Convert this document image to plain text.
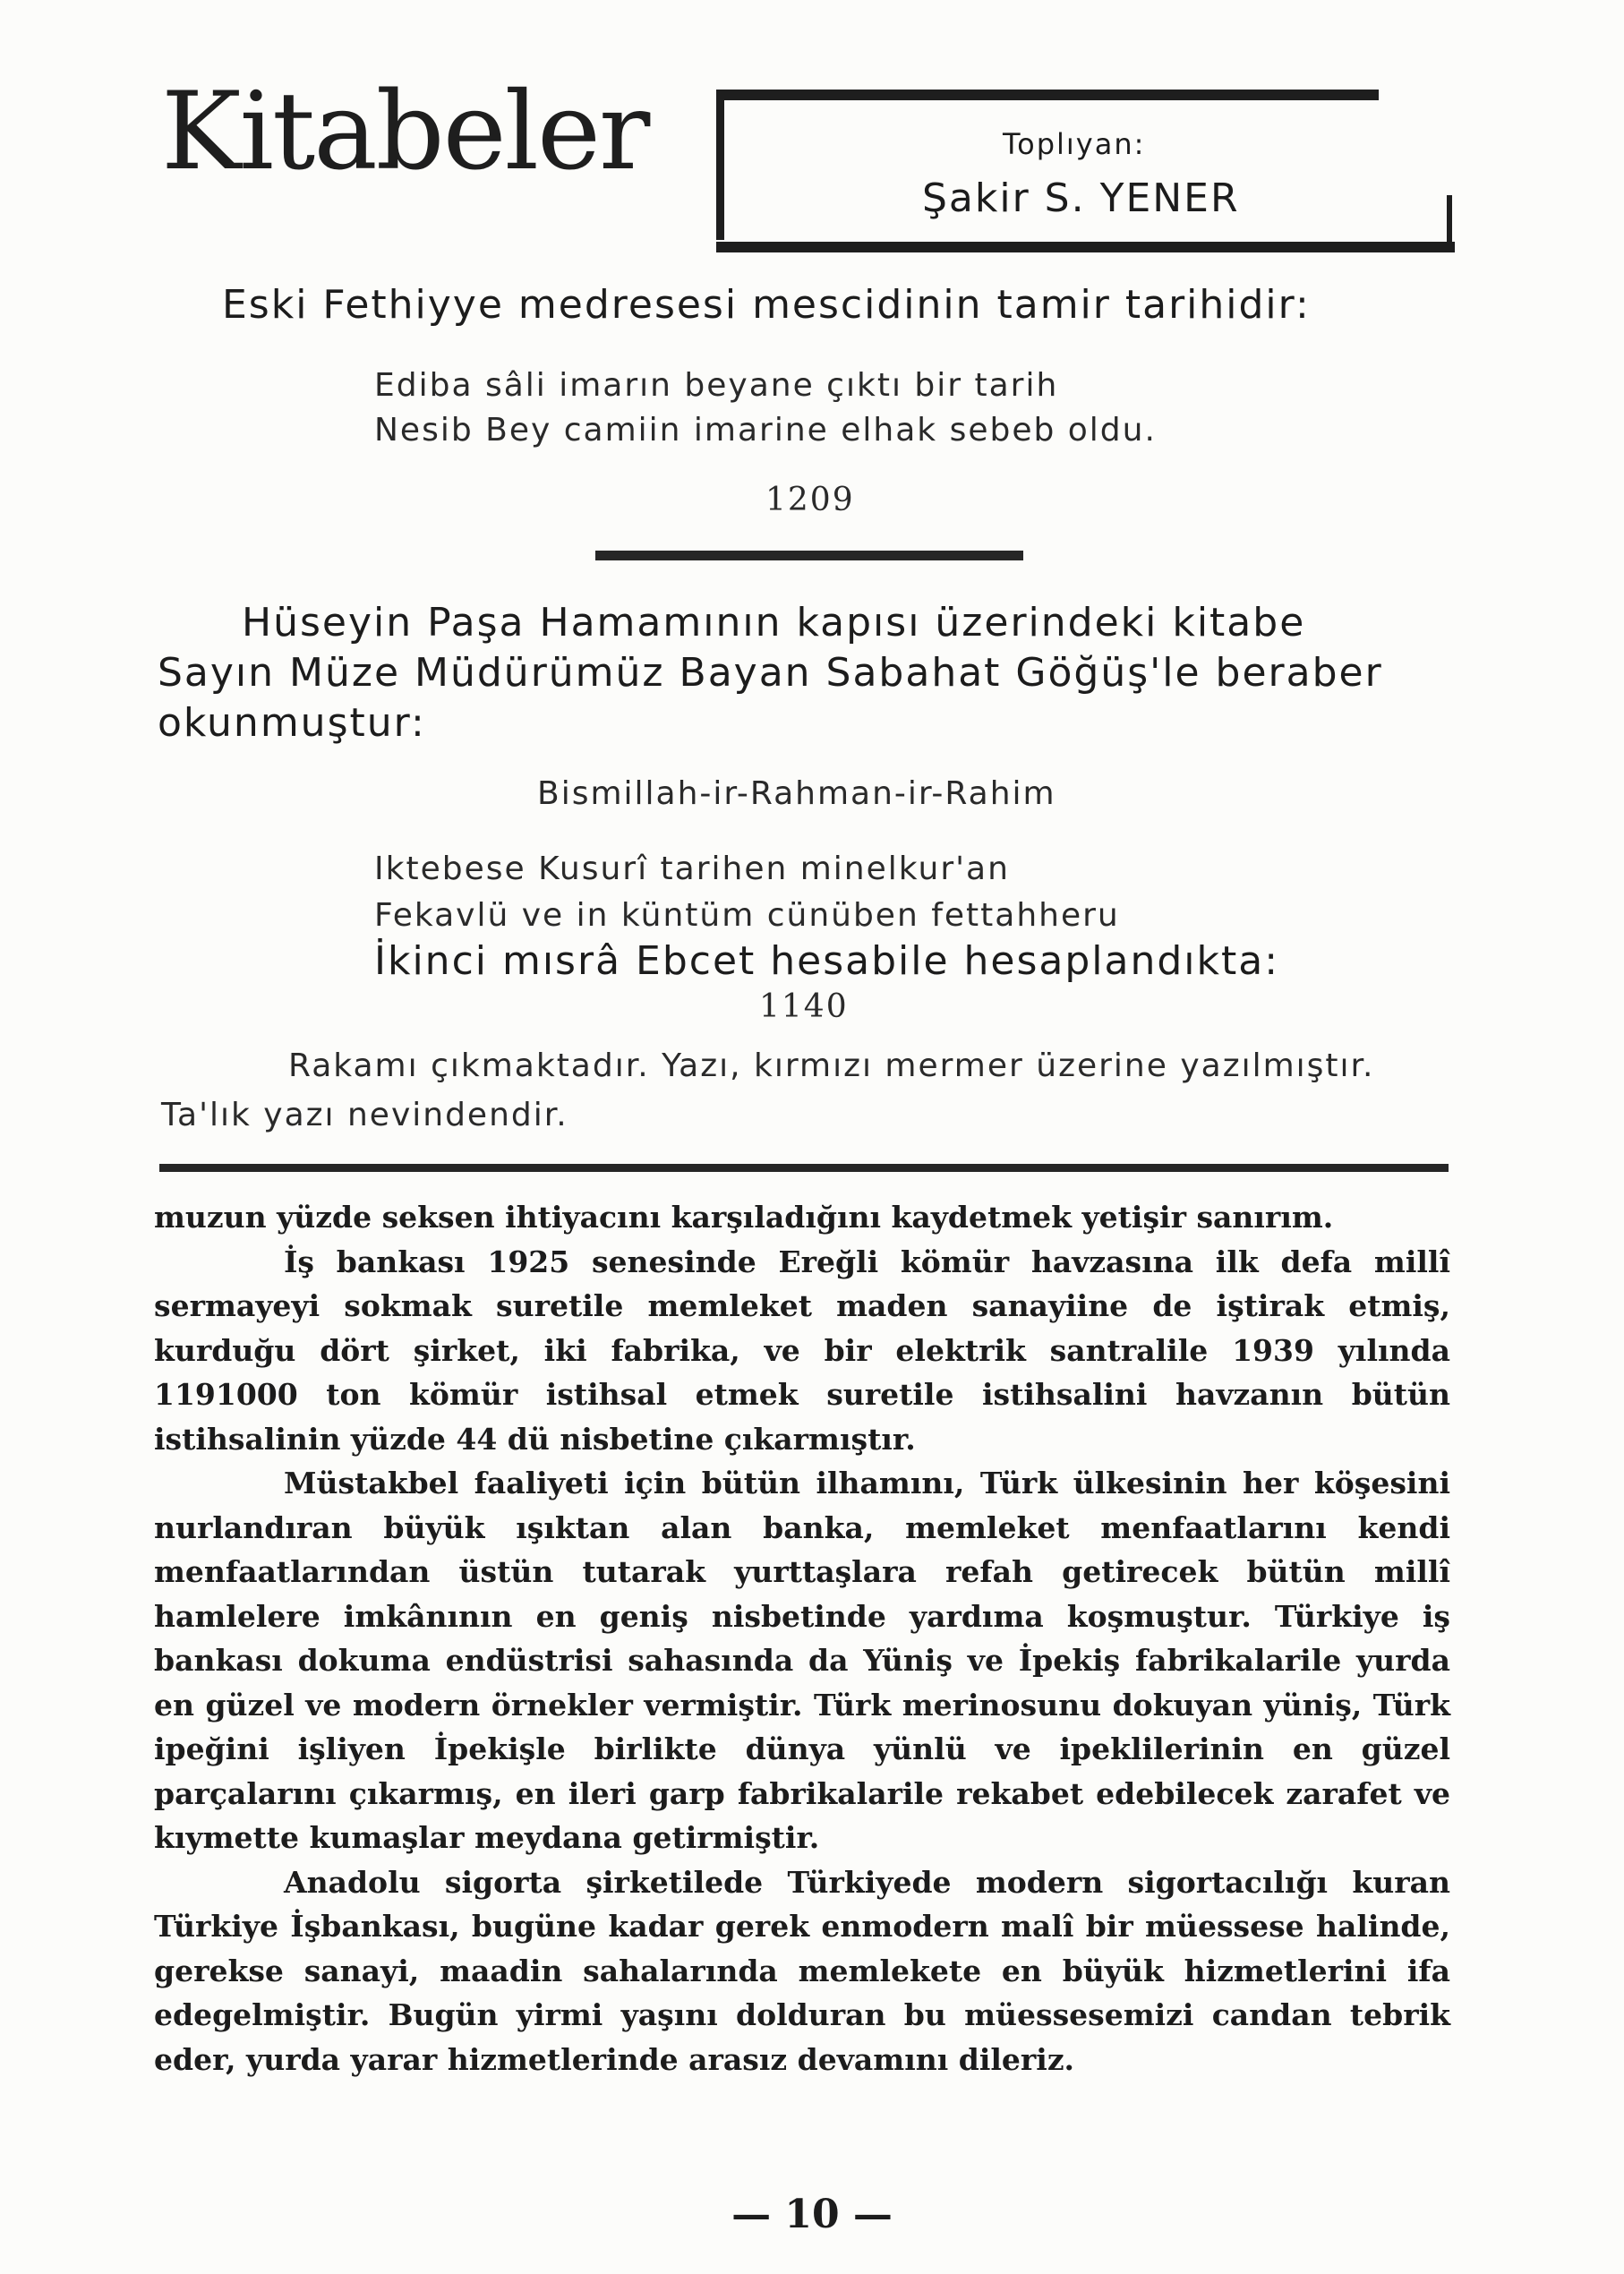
Kitabeler	Toplıyan:
Şakir S. YENER
Eski Fethiyye medresesi mescidinin tamir tarihidir:
Ediba sâli imarın beyane çıktı bir tarih
Nesib Bey camiin imarine elhak sebeb oldu.
1209
Hüseyin Paşa Hamamının kapısı üzerindeki kitabe
Sayın Müze Müdürümüz Bayan Sabahat Göğüş'le beraber
okunmuştur:
Bismillah-ir-Rahman-ir-Rahim
Iktebese Kusurî tarihen minelkur'an
Fekavlü ve in küntüm cünüben fettahheru
İkinci mısrâ Ebcet hesabile hesaplandıkta:
1140
Rakamı çıkmaktadır. Yazı, kırmızı mermer üzerine yazılmıştır.
Ta'lık yazı nevindendir.

muzun yüzde seksen ihtiyacını karşıladığını kaydetmek yetişir sanırım.

İş bankası 1925 senesinde Ereğli kömür havzasına ilk defa millî sermayeyi sokmak suretile memleket maden sanayiine de iştirak etmiş, kurduğu dört şirket, iki fabrika, ve bir elektrik santralile 1939 yılında 1191000 ton kömür istihsal etmek suretile istihsalini havzanın bütün istihsalinin yüzde 44 dü nisbetine çıkarmıştır.

Müstakbel faaliyeti için bütün ilhamını, Türk ülkesinin her köşesini nurlandıran büyük ışıktan alan banka, memleket menfaatlarını kendi menfaatlarından üstün tutarak yurttaşlara refah getirecek bütün millî hamlelere imkânının en geniş nisbetinde yardıma koşmuştur. Türkiye iş bankası dokuma endüstrisi sahasında da Yüniş ve İpekiş fabrikalarile yurda en güzel ve modern örnekler vermiştir. Türk merinosunu dokuyan yüniş, Türk ipeğini işliyen İpekişle birlikte dünya yünlü ve ipeklilerinin en güzel parçalarını çıkarmış, en ileri garp fabrikalarile rekabet edebilecek zarafet ve kıymette kumaşlar meydana getirmiştir.

Anadolu sigorta şirketilede Türkiyede modern sigortacılığı kuran Türkiye İşbankası, bugüne kadar gerek enmodern malî bir müessese halinde, gerekse sanayi, maadin sahalarında memlekete en büyük hizmetlerini ifa edegelmiştir. Bugün yirmi yaşını dolduran bu müessesemizi candan tebrik eder, yurda yarar hizmetlerinde arasız devamını dileriz.

— 10 —
